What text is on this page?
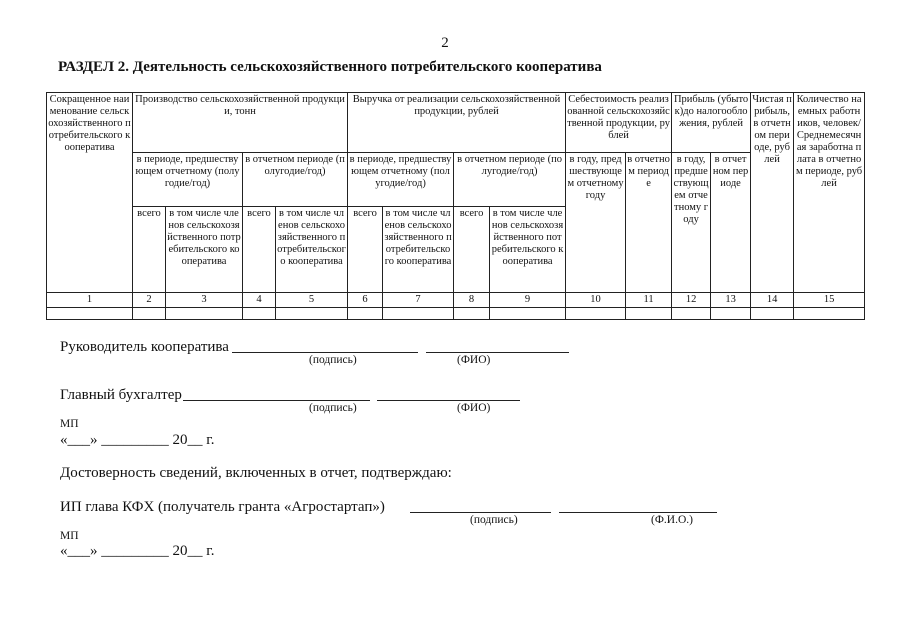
2
РАЗДЕЛ 2. Деятельность сельскохозяйственного потребительского кооператива
Сокращенное наименование сельскохозяйственного потребительского кооператива	Производство сельскохозяйственной продукции, тонн				Выручка от реализации сельскохозяйственной продукции, рублей				Себестоимость реализованной сельскохозяйственной продукции, рублей		Прибыль (убыток)до налогообложения, рублей		Чистая прибыль, в отчетном периоде, рублей	Количество наемных работников, человек/ Среднемесячная заработна плата в отчетном периоде, рублей
	в периоде, предшествующем отчетному (полугодие/год)		в отчетном периоде (полугодие/год)		в периоде, предшествующем отчетному (полугодие/год)		в отчетном периоде (полугодие/год)		в году, предшествующем отчетному году	в отчетном периоде	в году, предшествующем отчетному году	в отчетном периоде		
	всего	в том числе членов сельскохозяйственного потребительского кооператива	всего	в том числе членов сельскохозяйственного потребительского кооператива	всего	в том числе членов сельскохозяйственного потребительского кооператива	всего	в том числе членов сельскохозяйственного потребительского кооператива						
1	2	3	4	5	6	7	8	9	10	11	12	13	14	15

Руководитель кооператива
(подпись)	(ФИО)
Главный бухгалтер
(подпись)	(ФИО)
МП
«___» _________ 20__ г.
Достоверность сведений, включенных в отчет, подтверждаю:
ИП глава КФХ (получатель гранта «Агростартап»)
(подпись)	(Ф.И.О.)
МП
«___» _________ 20__ г.
